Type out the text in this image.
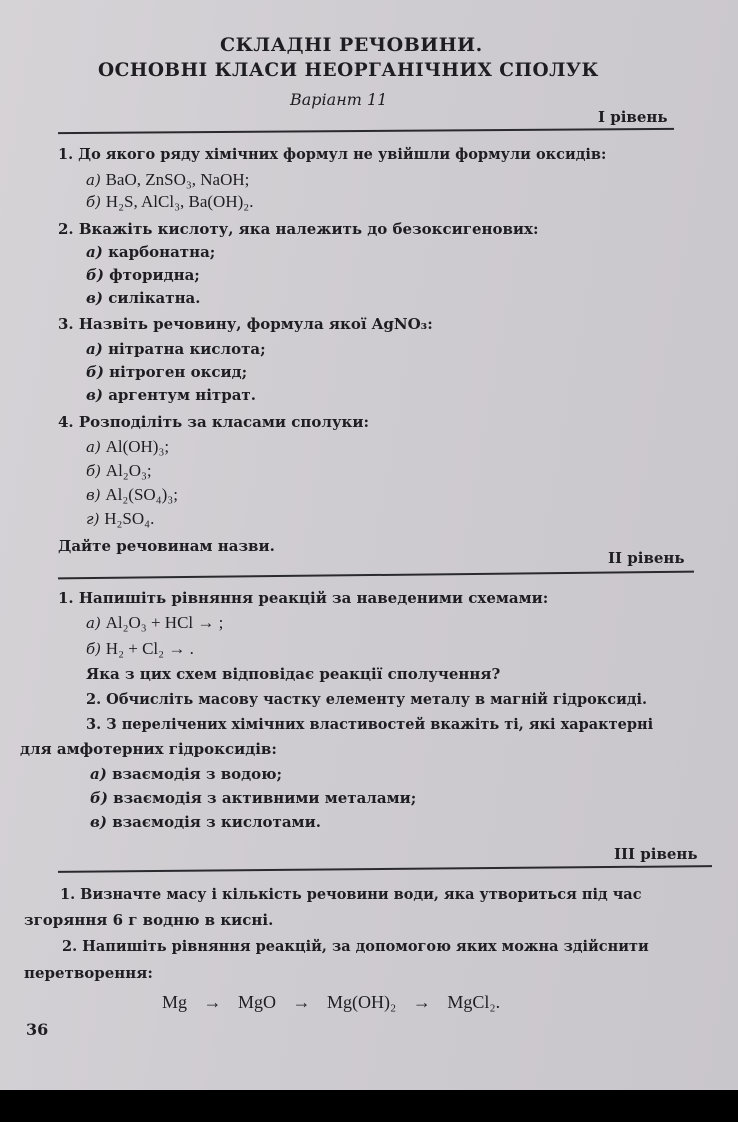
СКЛАДНІ РЕЧОВИНИ.
ОСНОВНІ КЛАСИ НЕОРГАНІЧНИХ СПОЛУК
Варіант 11
І рівень
1. До якого ряду хімічних формул не увійшли формули оксидів:
а) BaO, ZnSO₃, NaOH;
б) H₂S, AlCl₃, Ba(OH)₂.
2. Вкажіть кислоту, яка належить до безоксигенових:
а) карбонатна;
б) фторидна;
в) силікатна.
3. Назвіть речовину, формула якої AgNO₃:
а) нітратна кислота;
б) нітроген оксид;
в) аргентум нітрат.
4. Розподіліть за класами сполуки:
а) Al(OH)₃;
б) Al₂O₃;
в) Al₂(SO₄)₃;
г) H₂SO₄.
Дайте речовинам назви.
ІІ рівень
1. Напишіть рівняння реакцій за наведеними схемами:
а) Al₂O₃ + HCl → ;
б) H₂ + Cl₂ → .
Яка з цих схем відповідає реакції сполучення?
2. Обчисліть масову частку елементу металу в магній гідроксиді.
3. З перелічених хімічних властивостей вкажіть ті, які характерні
для амфотерних гідроксидів:
а) взаємодія з водою;
б) взаємодія з активними металами;
в) взаємодія з кислотами.
ІІІ рівень
1. Визначте масу і кількість речовини води, яка утвориться під час
згоряння 6 г водню в кисні.
2. Напишіть рівняння реакцій, за допомогою яких можна здійснити
перетворення:
Mg → MgO → Mg(OH)₂ → MgCl₂.
36
